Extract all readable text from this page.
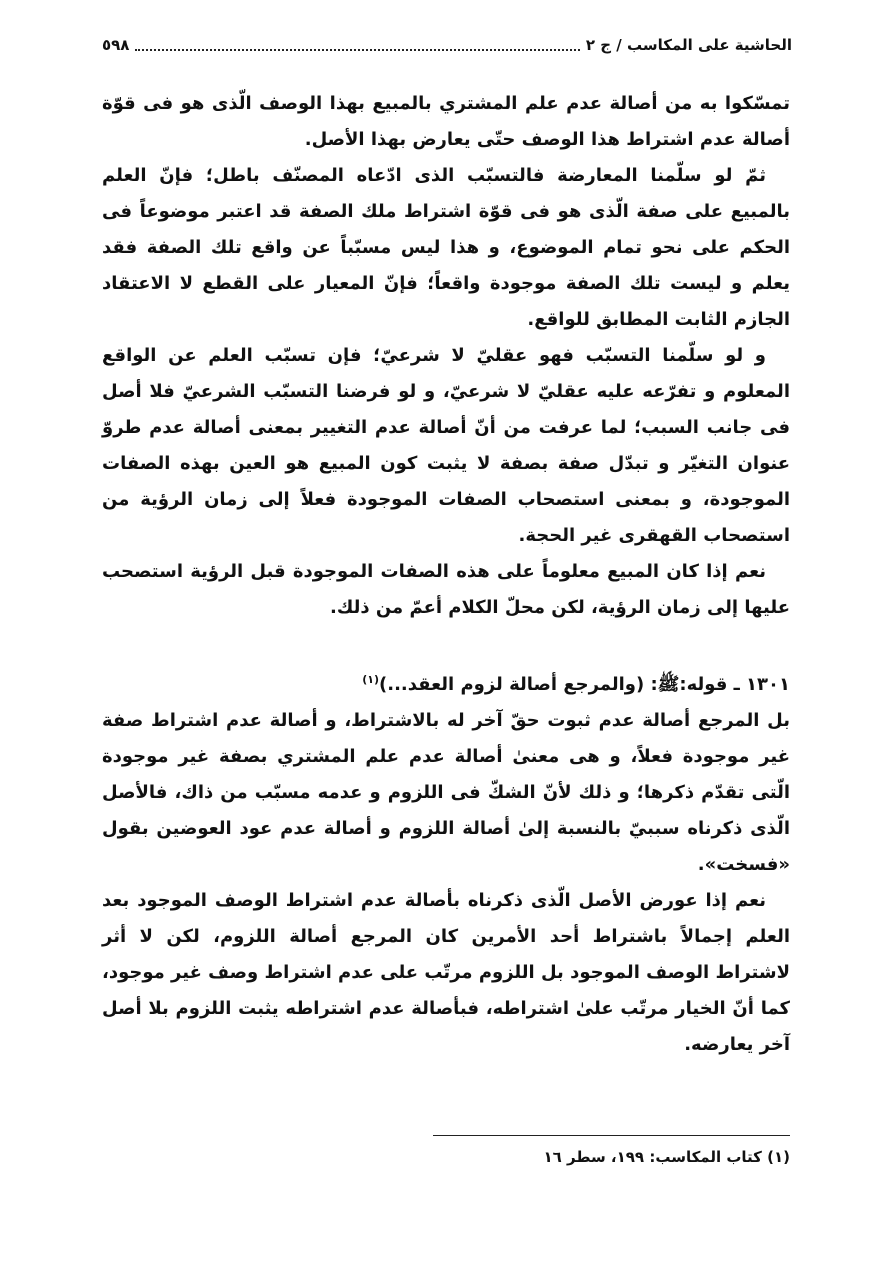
الحاشية على المكاسب / ج ٢
٥٩٨

تمسّكوا به من أصالة عدم علم المشتري بالمبيع بهذا الوصف الّذى هو فى قوّة أصالة عدم اشتراط هذا الوصف حتّى يعارض بهذا الأصل.

ثمّ لو سلّمنا المعارضة فالتسبّب الذى ادّعاه المصنّف باطل؛ فإنّ العلم بالمبيع على صفة الّذى هو فى قوّة اشتراط ملك الصفة قد اعتبر موضوعاً فى الحكم على نحو تمام الموضوع، و هذا ليس مسبّباً عن واقع تلك الصفة فقد يعلم و ليست تلك الصفة موجودة واقعاً؛ فإنّ المعيار على القطع لا الاعتقاد الجازم الثابت المطابق للواقع.

و لو سلّمنا التسبّب فهو عقليّ لا شرعيّ؛ فإن تسبّب العلم عن الواقع المعلوم و تفرّعه عليه عقليّ لا شرعيّ، و لو فرضنا التسبّب الشرعيّ فلا أصل فى جانب السبب؛ لما عرفت من أنّ أصالة عدم التغيير بمعنى أصالة عدم طروّ عنوان التغيّر و تبدّل صفة بصفة لا يثبت كون المبيع هو العين بهذه الصفات الموجودة، و بمعنى استصحاب الصفات الموجودة فعلاً إلى زمان الرؤية من استصحاب القهقرى غير الحجة.

نعم إذا كان المبيع معلوماً على هذه الصفات الموجودة قبل الرؤية استصحب عليها إلى زمان الرؤية، لكن محلّ الكلام أعمّ من ذلك.

١٣٠١ ـ قوله:ﷺ: (والمرجع أصالة لزوم العقد...)$^{(١)}$

بل المرجع أصالة عدم ثبوت حقّ آخر له بالاشتراط، و أصالة عدم اشتراط صفة غير موجودة فعلاً، و هى معنىٰ أصالة عدم علم المشتري بصفة غير موجودة الّتى تقدّم ذكرها؛ و ذلك لأنّ الشكّ فى اللزوم و عدمه مسبّب من ذاك، فالأصل الّذى ذكرناه سببيّ بالنسبة إلىٰ أصالة اللزوم و أصالة عدم عود العوضين بقول «فسخت».

نعم إذا عورض الأصل الّذى ذكرناه بأصالة عدم اشتراط الوصف الموجود بعد العلم إجمالاً باشتراط أحد الأمرين كان المرجع أصالة اللزوم، لكن لا أثر لاشتراط الوصف الموجود بل اللزوم مرتّب على عدم اشتراط وصف غير موجود، كما أنّ الخيار مرتّب علىٰ اشتراطه، فبأصالة عدم اشتراطه يثبت اللزوم بلا أصل آخر يعارضه.

(١) كتاب المكاسب: ١٩٩، سطر ١٦
